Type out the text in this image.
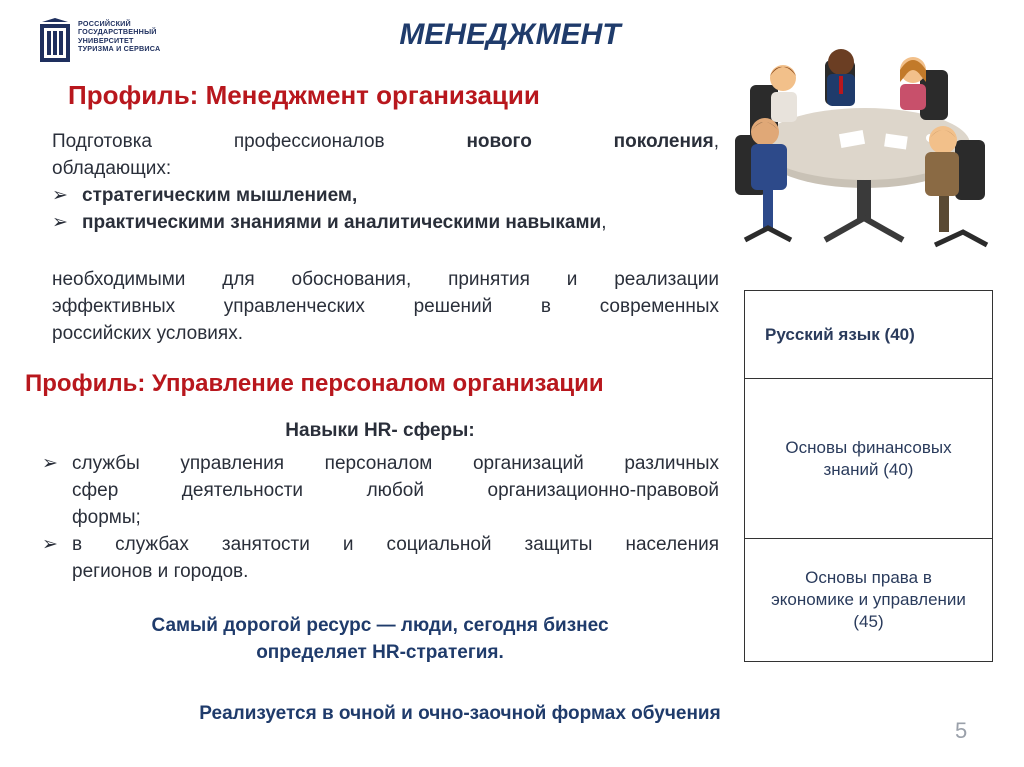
РОССИЙСКИЙ
ГОСУДАРСТВЕННЫЙ
УНИВЕРСИТЕТ
ТУРИЗМА И СЕРВИСА	МЕНЕДЖМЕНТ
Профиль: Менеджмент организации
Подготовка	профессионалов	нового	поколения,
обладающих:
➢ стратегическим мышлением,
➢ практическими знаниями и аналитическими навыками,
необходимыми для обоснования, принятия и реализации
эффективных управленческих решений в современных
российских условиях.
Профиль: Управление персоналом организации
Навыки HR- сферы:
➢ службы управления персоналом организаций различных
сфер деятельности любой организационно-правовой
формы;
➢ в службах занятости и социальной защиты населения
регионов и городов.
Самый дорогой ресурс — люди, сегодня бизнес
определяет HR-стратегия.
Русский язык (40)
Основы финансовых
знаний (40)
Основы права в
экономике и управлении
(45)
Реализуется в очной и очно-заочной формах обучения
5
